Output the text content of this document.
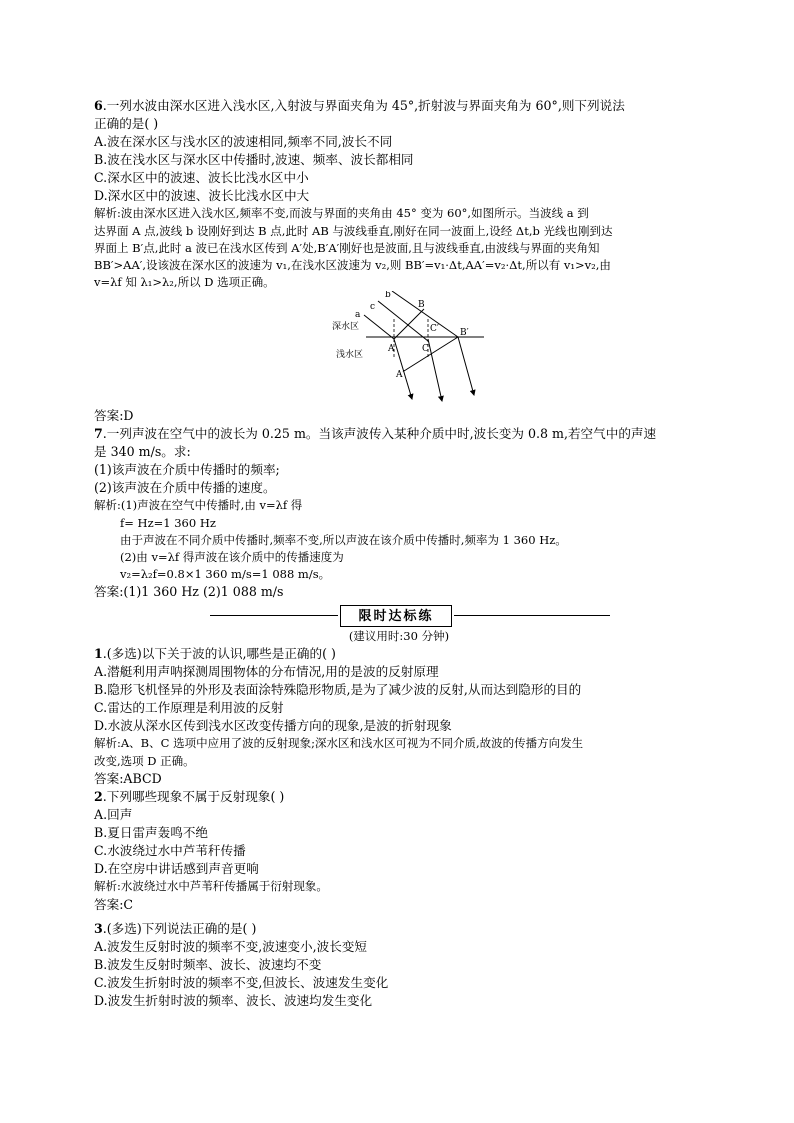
6.一列水波由深水区进入浅水区,入射波与界面夹角为 45°,折射波与界面夹角为 60°,则下列说法
正确的是( )
A.波在深水区与浅水区的波速相同,频率不同,波长不同
B.波在浅水区与深水区中传播时,波速、频率、波长都相同
C.深水区中的波速、波长比浅水区中小
D.深水区中的波速、波长比浅水区中大
解析:波由深水区进入浅水区,频率不变,而波与界面的夹角由 45° 变为 60°,如图所示。当波线 a 到
达界面 A 点,波线 b 设刚好到达 B 点,此时 AB 与波线垂直,刚好在同一波面上,设经 Δt,b 光线也刚到达
界面上 B′点,此时 a 波已在浅水区传到 A′处,B′A′刚好也是波面,且与波线垂直,由波线与界面的夹角知
BB′>AA′,设该波在深水区的波速为 v₁,在浅水区波速为 v₂,则 BB′=v₁·Δt,AA′=v₂·Δt,所以有 v₁>v₂,由
v=λf 知 λ₁>λ₂,所以 D 选项正确。
b
c
a
B
深水区	C′ B′
A	C
浅水区
A′
答案:D
7.一列声波在空气中的波长为 0.25 m。当该声波传入某种介质中时,波长变为 0.8 m,若空气中的声速
是 340 m/s。求:
(1)该声波在介质中传播时的频率;
(2)该声波在介质中传播的速度。
解析:(1)声波在空气中传播时,由 v=λf 得
f= Hz=1 360 Hz
由于声波在不同介质中传播时,频率不变,所以声波在该介质中传播时,频率为 1 360 Hz。
(2)由 v=λf 得声波在该介质中的传播速度为
v₂=λ₂f=0.8×1 360 m/s=1 088 m/s。
答案:(1)1 360 Hz (2)1 088 m/s
限时达标练
(建议用时:30 分钟)
1.(多选)以下关于波的认识,哪些是正确的( )
A.潜艇利用声呐探测周围物体的分布情况,用的是波的反射原理
B.隐形飞机怪异的外形及表面涂特殊隐形物质,是为了减少波的反射,从而达到隐形的目的
C.雷达的工作原理是利用波的反射
D.水波从深水区传到浅水区改变传播方向的现象,是波的折射现象
解析:A、B、C 选项中应用了波的反射现象;深水区和浅水区可视为不同介质,故波的传播方向发生
改变,选项 D 正确。
答案:ABCD
2.下列哪些现象不属于反射现象( )
A.回声
B.夏日雷声轰鸣不绝
C.水波绕过水中芦苇秆传播
D.在空房中讲话感到声音更响
解析:水波绕过水中芦苇秆传播属于衍射现象。
答案:C
3.(多选)下列说法正确的是( )
A.波发生反射时波的频率不变,波速变小,波长变短
B.波发生反射时频率、波长、波速均不变
C.波发生折射时波的频率不变,但波长、波速发生变化
D.波发生折射时波的频率、波长、波速均发生变化
